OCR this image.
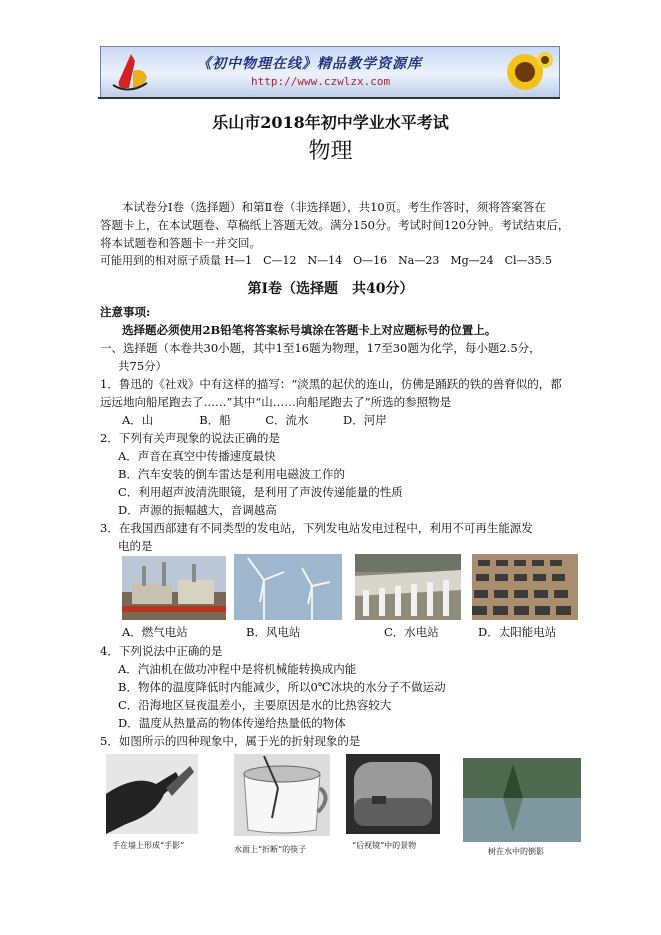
《初中物理在线》精品教学资源库
http://www.czwlzx.com
乐山市2018年初中学业水平考试
物理
本试卷分Ⅰ卷（选择题）和第Ⅱ卷（非选择题），共10页。考生作答时，须将答案答在
答题卡上，在本试题卷、草稿纸上答题无效。满分150分。考试时间120分钟。考试结束后，
将本试题卷和答题卡一并交回。
可能用到的相对原子质量 H—1　C—12　N—14　O—16　Na—23　Mg—24　Cl—35.5
第Ⅰ卷（选择题　共40分）
注意事项:
选择题必须使用2B铅笔将答案标号填涂在答题卡上对应题标号的位置上。
一、选择题（本卷共30小题，其中1至16题为物理，17至30题为化学，每小题2.5分，
共75分）
1．鲁迅的《社戏》中有这样的描写：“淡黑的起伏的连山，仿佛是踊跃的铁的兽脊似的，都
远远地向船尾跑去了……”其中“山……向船尾跑去了”所选的参照物是
A．山　　　　B．船　　　C．流水　　　D．河岸
2．下列有关声现象的说法正确的是
A．声音在真空中传播速度最快
B．汽车安装的倒车雷达是利用电磁波工作的
C．利用超声波清洗眼镜，是利用了声波传递能量的性质
D．声源的振幅越大，音调越高
3．在我国西部建有不同类型的发电站，下列发电站发电过程中，利用不可再生能源发
电的是
A．燃气电站	B．风电站	C．水电站	D．太阳能电站
4．下列说法中正确的是
A．汽油机在做功冲程中是将机械能转换成内能
B．物体的温度降低时内能减少，所以0℃冰块的水分子不做运动
C．沿海地区昼夜温差小，主要原因是水的比热容较大
D．温度从热量高的物体传递给热量低的物体
5．如图所示的四种现象中，属于光的折射现象的是
手在墙上形成“手影”	水面上“折断”的筷子	“后视镜”中的景物
树在水中的倒影
